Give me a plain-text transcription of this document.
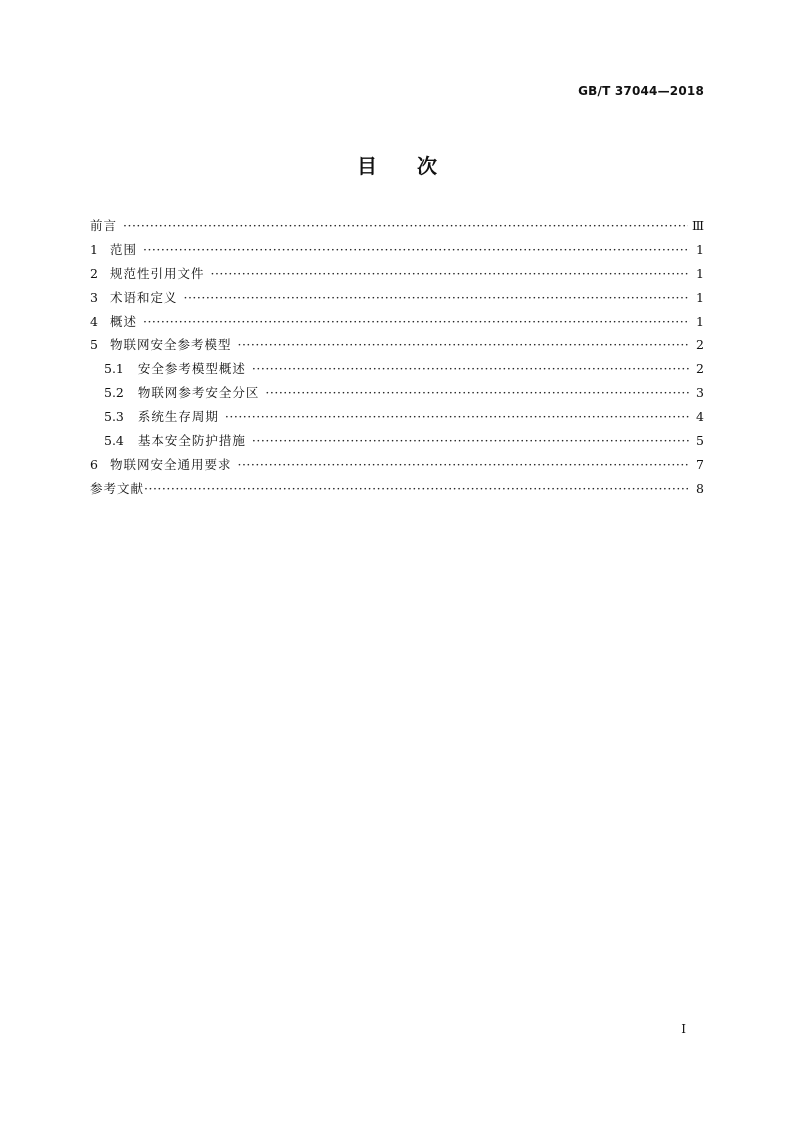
GB/T 37044—2018
目 次
前言 ·····	Ⅲ
1 范围 ·····	1
2 规范性引用文件 ·····	1
3 术语和定义 ·····	1
4 概述 ·····	1
5 物联网安全参考模型 ·····	2
5.1 安全参考模型概述 ·····	2
5.2 物联网参考安全分区 ·····	3
5.3 系统生存周期 ·····	4
5.4 基本安全防护措施 ·····	5
6 物联网安全通用要求 ·····	7
参考文献 ·····	8
I
